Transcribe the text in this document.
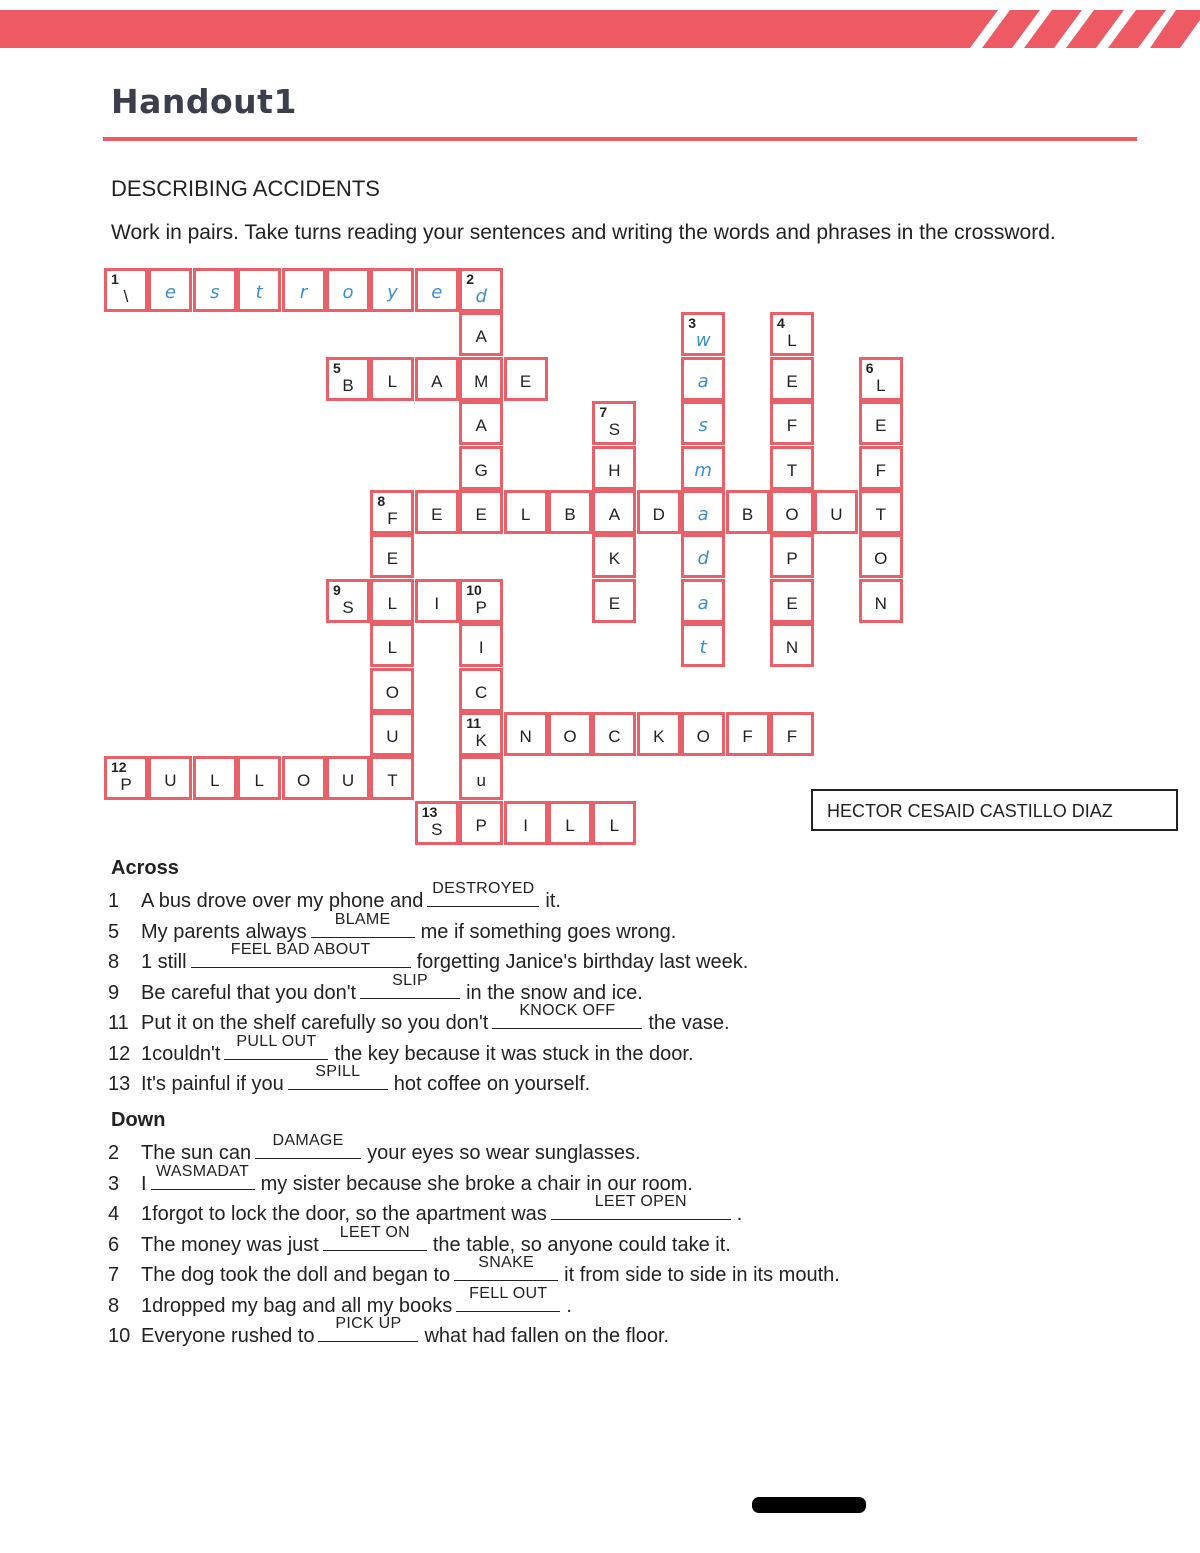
Handout1
DESCRIBING ACCIDENTS
Work in pairs. Take turns reading your sentences and writing the words and phrases in the crossword.
1
\	e	s	t	r	o	y	e
2
d
A
M
A
G
E
5
B	L	A	E
3
w
a
s
m
a
d
a
t
4
L
E
F
T
O
P
E
N
6
L
E
F
T
O
N
7
S
H
K
E
8
F	E	L	B	A	D	B	U
E
L
L
O
U
T
9
S	I
10
P
I
C
11
K
u
N	O	C	K	O	F	F
12
P	U	L	L	O	U
13
S	P	I	L	L
HECTOR CESAID CASTILLO DIAZ
Across
1 A bus drove over my phone and
DESTROYED
it.
5 My parents always
BLAME
me if something goes wrong.
8 1 still
FEEL BAD ABOUT
forgetting Janice's birthday last week.
9 Be careful that you don't
SLIP
in the snow and ice.
11 Put it on the shelf carefully so you don't
KNOCK OFF
the vase.
12 1couldn't
PULL OUT
the key because it was stuck in the door.
13 It's painful if you
SPILL
hot coffee on yourself.
Down
2 The sun can
DAMAGE
your eyes so wear sunglasses.
3 I
WASMADAT
my sister because she broke a chair in our room.
4 1forgot to lock the door, so the apartment was
LEET OPEN
.
6 The money was just
LEET ON
the table, so anyone could take it.
7 The dog took the doll and began to
SNAKE
it from side to side in its mouth.
8 1dropped my bag and all my books
FELL OUT
.
10 Everyone rushed to
PICK UP
what had fallen on the floor.
